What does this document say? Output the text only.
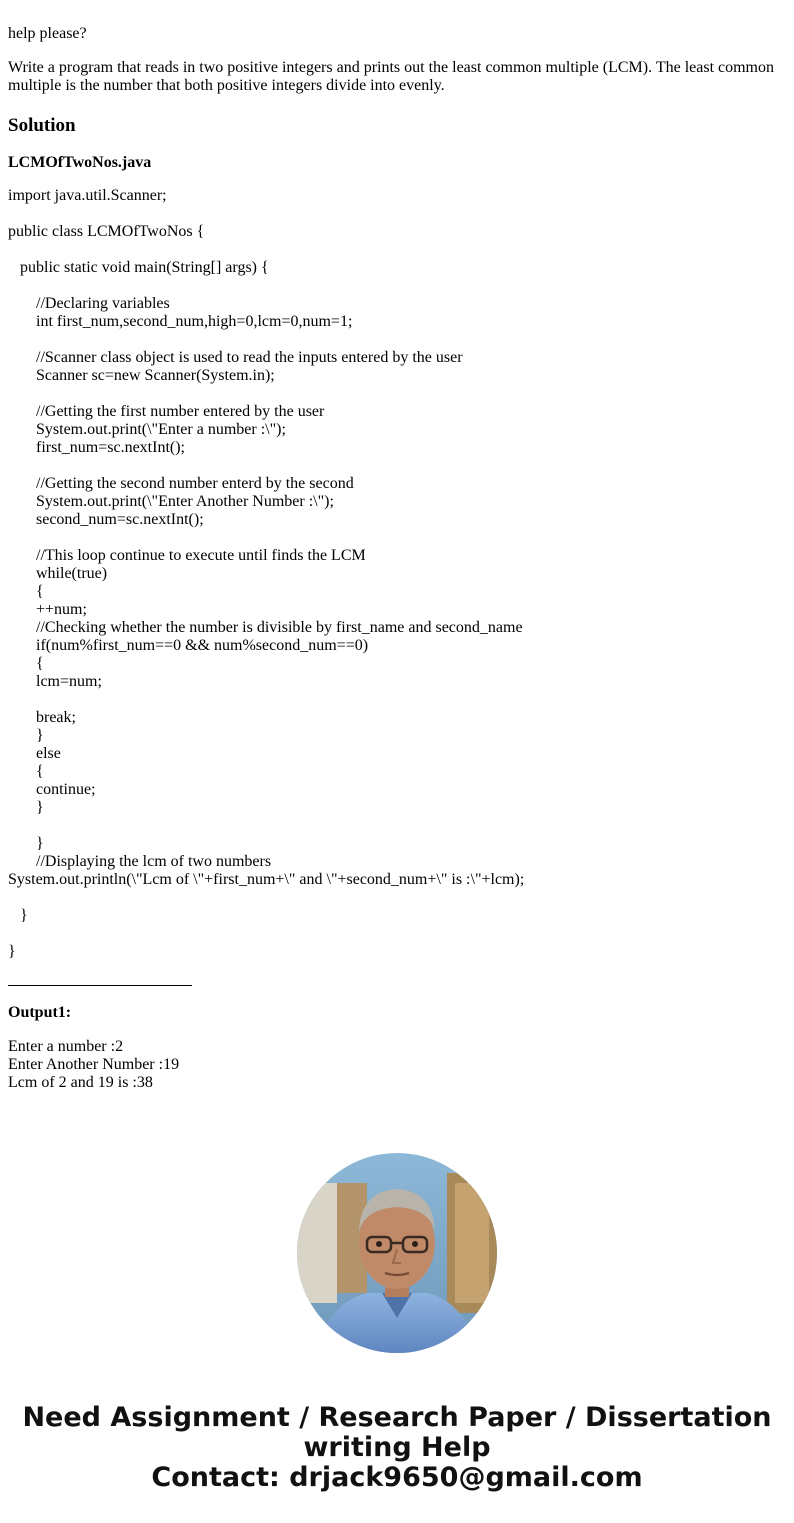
help please?

Write a program that reads in two positive integers and prints out the least common multiple (LCM). The least common multiple is the number that both positive integers divide into evenly.

Solution

LCMOfTwoNos.java

import java.util.Scanner;
public class LCMOfTwoNos {
public static void main(String[] args) {
//Declaring variables
int first_num,second_num,high=0,lcm=0,num=1;
//Scanner class object is used to read the inputs entered by the user
Scanner sc=new Scanner(System.in);
//Getting the first number entered by the user
System.out.print(\"Enter a number :\");
first_num=sc.nextInt();
//Getting the second number enterd by the second
System.out.print(\"Enter Another Number :\");
second_num=sc.nextInt();
//This loop continue to execute until finds the LCM
while(true)
{
++num;
//Checking whether the number is divisible by first_name and second_name
if(num%first_num==0 && num%second_num==0)
{
lcm=num;
break;
}
else
{
continue;
}
}
//Displaying the lcm of two numbers
System.out.println(\"Lcm of \"+first_num+\" and \"+second_num+\" is :\"+lcm);
}
}

Output1:

Enter a number :2
Enter Another Number :19
Lcm of 2 and 19 is :38
Need Assignment / Research Paper / Dissertation
writing Help
Contact: drjack9650@gmail.com
